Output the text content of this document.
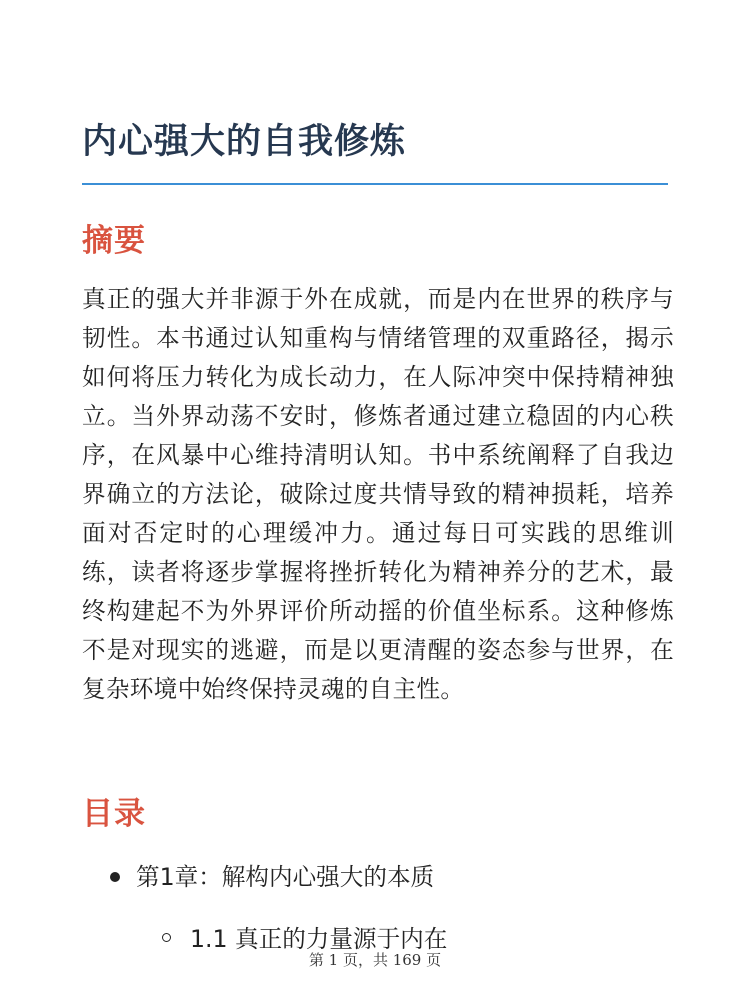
内心强大的自我修炼
摘要

真正的强大并非源于外在成就，而是内在世界的秩序与韧性。本书通过认知重构与情绪管理的双重路径，揭示如何将压力转化为成长动力，在人际冲突中保持精神独立。当外界动荡不安时，修炼者通过建立稳固的内心秩序，在风暴中心维持清明认知。书中系统阐释了自我边界确立的方法论，破除过度共情导致的精神损耗，培养面对否定时的心理缓冲力。通过每日可实践的思维训练，读者将逐步掌握将挫折转化为精神养分的艺术，最终构建起不为外界评价所动摇的价值坐标系。这种修炼不是对现实的逃避，而是以更清醒的姿态参与世界，在复杂环境中始终保持灵魂的自主性。

目录
第1章：解构内心强大的本质
1.1 真正的力量源于内在
第 1 页，共 169 页
